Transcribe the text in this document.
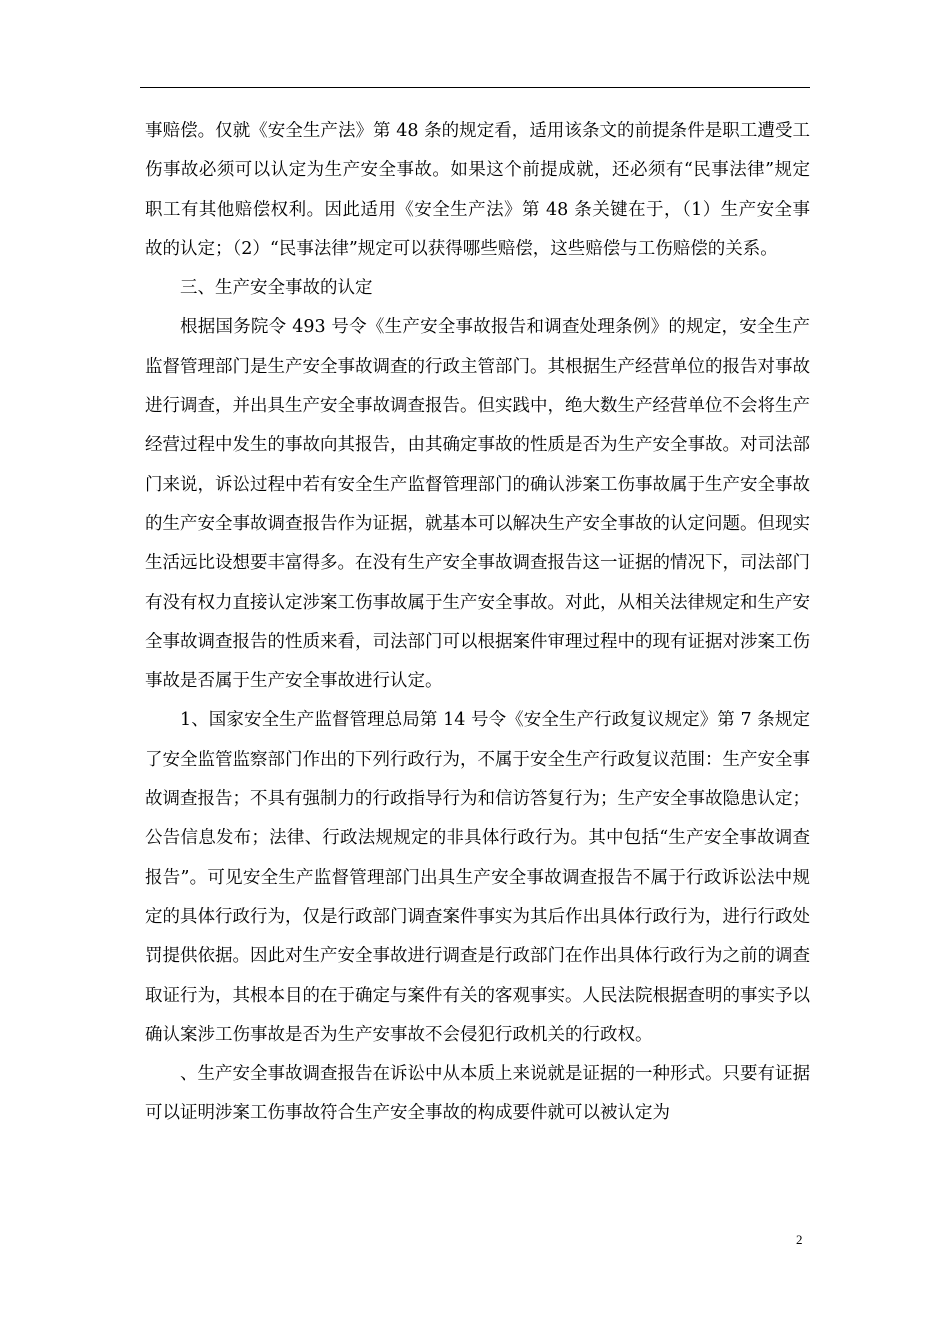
事赔偿。仅就《安全生产法》第 48 条的规定看，适用该条文的前提条件是职工遭受工伤事故必须可以认定为生产安全事故。如果这个前提成就，还必须有“民事法律”规定职工有其他赔偿权利。因此适用《安全生产法》第 48 条关键在于，（1）生产安全事故的认定；（2）“民事法律”规定可以获得哪些赔偿，这些赔偿与工伤赔偿的关系。

三、生产安全事故的认定

根据国务院令 493 号令《生产安全事故报告和调查处理条例》的规定，安全生产监督管理部门是生产安全事故调查的行政主管部门。其根据生产经营单位的报告对事故进行调查，并出具生产安全事故调查报告。但实践中，绝大数生产经营单位不会将生产经营过程中发生的事故向其报告，由其确定事故的性质是否为生产安全事故。对司法部门来说，诉讼过程中若有安全生产监督管理部门的确认涉案工伤事故属于生产安全事故的生产安全事故调查报告作为证据，就基本可以解决生产安全事故的认定问题。但现实生活远比设想要丰富得多。在没有生产安全事故调查报告这一证据的情况下，司法部门有没有权力直接认定涉案工伤事故属于生产安全事故。对此，从相关法律规定和生产安全事故调查报告的性质来看，司法部门可以根据案件审理过程中的现有证据对涉案工伤事故是否属于生产安全事故进行认定。

1、国家安全生产监督管理总局第 14 号令《安全生产行政复议规定》第 7 条规定了安全监管监察部门作出的下列行政行为，不属于安全生产行政复议范围：生产安全事故调查报告；不具有强制力的行政指导行为和信访答复行为；生产安全事故隐患认定；公告信息发布；法律、行政法规规定的非具体行政行为。其中包括“生产安全事故调查报告”。可见安全生产监督管理部门出具生产安全事故调查报告不属于行政诉讼法中规定的具体行政行为，仅是行政部门调查案件事实为其后作出具体行政行为，进行行政处罚提供依据。因此对生产安全事故进行调查是行政部门在作出具体行政行为之前的调查取证行为，其根本目的在于确定与案件有关的客观事实。人民法院根据查明的事实予以确认案涉工伤事故是否为生产安事故不会侵犯行政机关的行政权。

、生产安全事故调查报告在诉讼中从本质上来说就是证据的一种形式。只要有证据可以证明涉案工伤事故符合生产安全事故的构成要件就可以被认定为

2
